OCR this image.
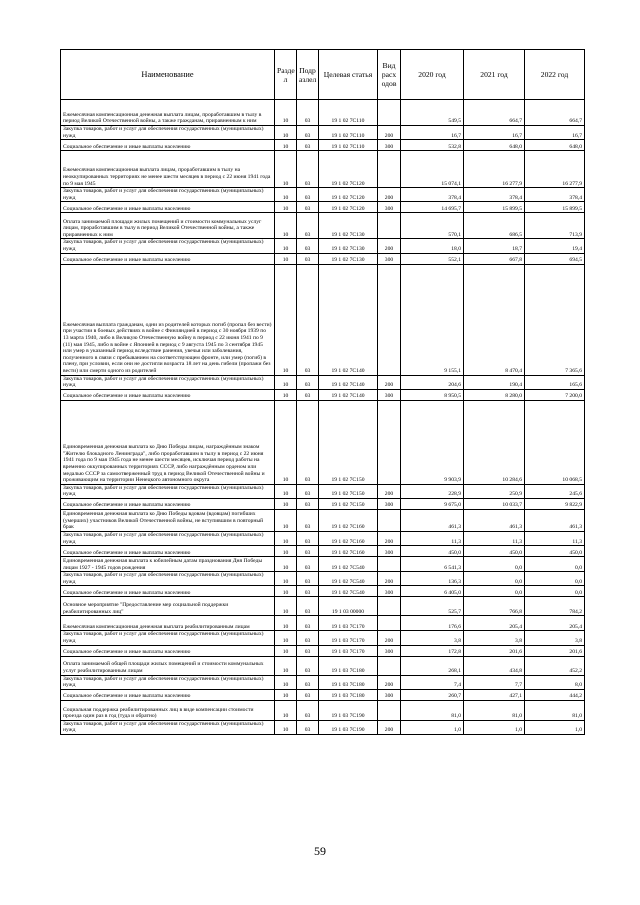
Наименование	Разде л	Подр азлел	Целевая статья	Вид расх одов	2020 год	2021 год	2022 год
Ежемесячная компенсационная денежная выплата лицам, проработавшим в тылу в период Великой Отечественной войны, а также гражданам, приравненным к ним	10	03	19 1 02 7С110		549,5	664,7	664,7
Закупка товаров, работ и услуг для обеспечения государственных (муниципальных) нужд	10	03	19 1 02 7С110	200	16,7	16,7	16,7
Социальное обеспечение и иные выплаты населению	10	03	19 1 02 7С110	300	532,8	648,0	648,0
Ежемесячная компенсационная выплата лицам, проработавшим в тылу на неоккупированных территориях не менее шести месяцев в период с 22 июня 1941 года по 9 мая 1945	10	03	19 1 02 7С120		15 074,1	16 277,9	16 277,9
Закупка товаров, работ и услуг для обеспечения государственных (муниципальных) нужд	10	03	19 1 02 7С120	200	378,4	378,4	378,4
Социальное обеспечение и иные выплаты населению	10	03	19 1 02 7С120	300	14 695,7	15 899,5	15 899,5
Оплата занимаемой площади жилых помещений и стоимости коммунальных услуг лицам, проработавшим в тылу в период Великой Отечественной войны, а также приравненных к ним	10	03	19 1 02 7С130		570,1	686,5	713,9
Закупка товаров, работ и услуг для обеспечения государственных (муниципальных) нужд	10	03	19 1 02 7С130	200	18,0	18,7	19,4
Социальное обеспечение и иные выплаты населению	10	03	19 1 02 7С130	300	552,1	667,8	694,5
Ежемесячная выплата гражданам, одни из родителей которых погиб (пропал без вести) при участии в боевых действиях в войне с Финляндией в период с 30 ноября 1939 по 13 марта 1940, либо в Великую Отечественную войну в период с 22 июня 1941 по 9 (11) мая 1945, либо в войне с Японией в период с 9 августа 1945 по 3 сентября 1945 или умер в указанный период вследствие ранения, увечья или заболевания, полученного в связи с пребыванием на соответствующем фронте, или умер (погиб) в плену, при условии, если они не достигли возраста 18 лет на день гибели (пропажи без вести) или смерти одного из родителей	10	03	19 1 02 7С140		9 155,1	8 470,4	7 365,6
Закупка товаров, работ и услуг для обеспечения государственных (муниципальных) нужд	10	03	19 1 02 7С140	200	204,6	190,4	165,6
Социальное обеспечение и иные выплаты населению	10	03	19 1 02 7С140	300	8 950,5	8 280,0	7 200,0
Единовременная денежная выплата ко Дню Победы лицам, награждённым знаком "Жителю блокадного Ленинграда", либо проработавшим в тылу в период с 22 июня 1941 года по 9 мая 1945 года не менее шести месяцев, исключая период работы на временно оккупированных территориях СССР, либо награждённым орденом или медалью СССР за самоотверженный труд в период Великой Отечественной войны и проживающим на территории Ненецкого автономного округа	10	03	19 1 02 7С150		9 903,9	10 284,6	10 068,5
Закупка товаров, работ и услуг для обеспечения государственных (муниципальных) нужд	10	03	19 1 02 7С150	200	228,9	250,9	245,6
Социальное обеспечение и иные выплаты населению	10	03	19 1 02 7С150	300	9 675,0	10 033,7	9 822,9
Единовременная денежная выплата ко Дню Победы вдовам (вдовцам) погибших (умерших) участников Великой Отечественной войны, не вступившим в повторный брак	10	03	19 1 02 7С160		461,3	461,3	461,3
Закупка товаров, работ и услуг для обеспечения государственных (муниципальных) нужд	10	03	19 1 02 7С160	200	11,3	11,3	11,3
Социальное обеспечение и иные выплаты населению	10	03	19 1 02 7С160	300	450,0	450,0	450,0
Единовременная денежная выплата к юбилейным датам празднования Дня Победы лицам 1927 - 1945 годов рождения	10	03	19 1 02 7С540		6 541,3	0,0	0,0
Закупка товаров, работ и услуг для обеспечения государственных (муниципальных) нужд	10	03	19 1 02 7С540	200	136,3	0,0	0,0
Социальное обеспечение и иные выплаты населению	10	03	19 1 02 7С540	300	6 405,0	0,0	0,0
Основное мероприятие "Предоставление мер социальной поддержки реабилитированных лиц"	10	03	19 1 03 00000		525,7	766,8	784,2
Ежемесячная компенсационная денежная выплата реабилитированным лицам	10	03	19 1 03 7С170		176,6	205,4	205,4
Закупка товаров, работ и услуг для обеспечения государственных (муниципальных) нужд	10	03	19 1 03 7С170	200	3,8	3,8	3,8
Социальное обеспечение и иные выплаты населению	10	03	19 1 03 7С170	300	172,8	201,6	201,6
Оплата занимаемой общей площади жилых помещений и стоимости коммунальных услуг реабилитированным лицам	10	03	19 1 03 7С180		268,1	434,8	452,2
Закупка товаров, работ и услуг для обеспечения государственных (муниципальных) нужд	10	03	19 1 03 7С180	200	7,4	7,7	8,0
Социальное обеспечение и иные выплаты населению	10	03	19 1 03 7С180	300	260,7	427,1	444,2
Социальная поддержка реабилитированных лиц в виде компенсации стоимости проезда один раз в год (туда и обратно)	10	03	19 1 03 7С190		81,0	81,0	81,0
Закупка товаров, работ и услуг для обеспечения государственных (муниципальных) нужд	10	03	19 1 03 7С190	200	1,0	1,0	1,0
59
